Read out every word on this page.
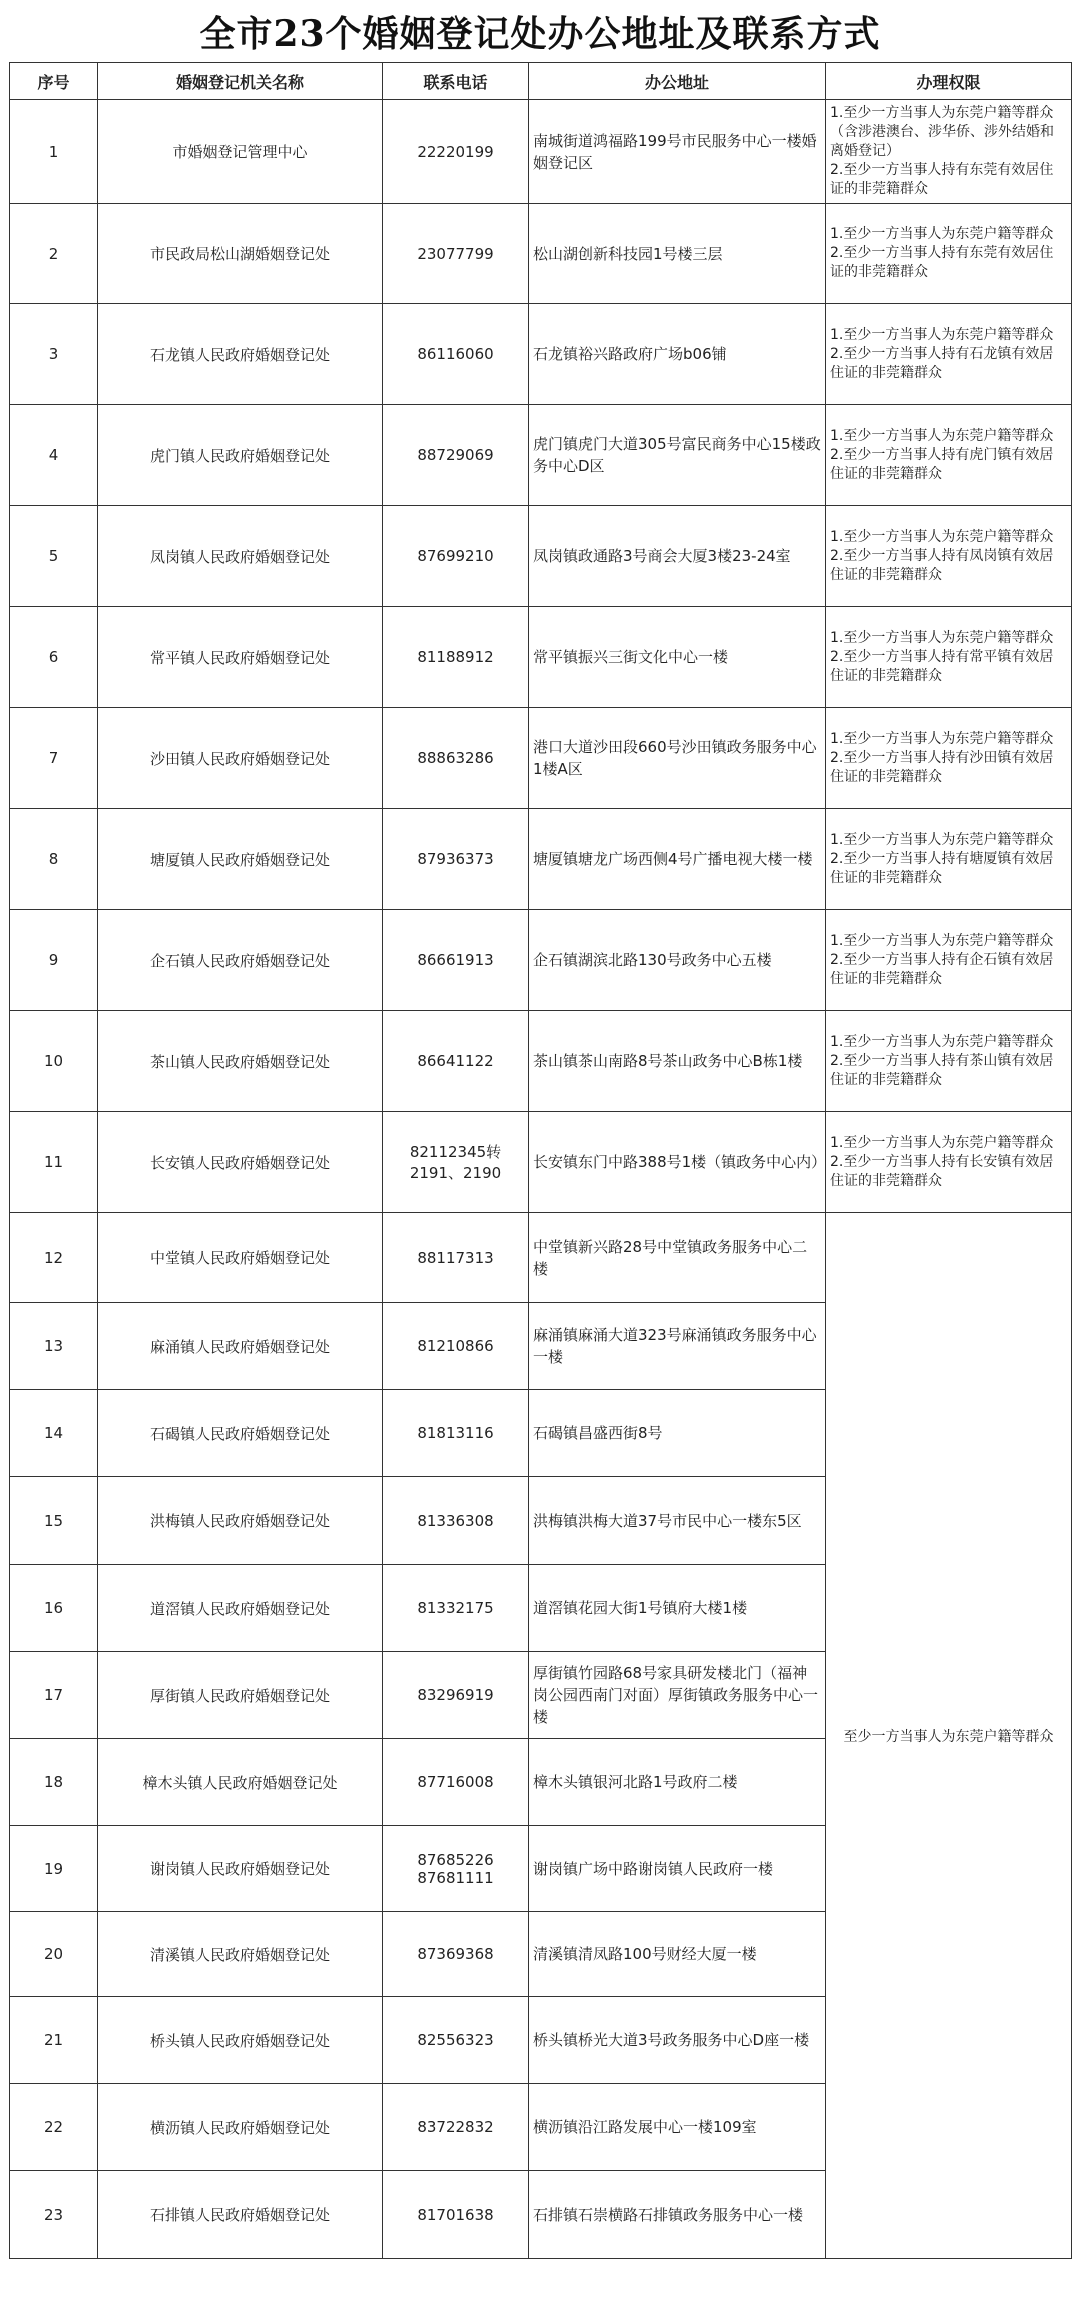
全市23个婚姻登记处办公地址及联系方式
序号	婚姻登记机关名称	联系电话	办公地址	办理权限
1	市婚姻登记管理中心	22220199	南城街道鸿福路199号市民服务中心一楼婚姻登记区	1.至少一方当事人为东莞户籍等群众（含涉港澳台、涉华侨、涉外结婚和离婚登记）
2.至少一方当事人持有东莞有效居住证的非莞籍群众

2	市民政局松山湖婚姻登记处	23077799	松山湖创新科技园1号楼三层	1.至少一方当事人为东莞户籍等群众
2.至少一方当事人持有东莞有效居住证的非莞籍群众

3	石龙镇人民政府婚姻登记处	86116060	石龙镇裕兴路政府广场b06铺	1.至少一方当事人为东莞户籍等群众
2.至少一方当事人持有石龙镇有效居住证的非莞籍群众

4	虎门镇人民政府婚姻登记处	88729069	虎门镇虎门大道305号富民商务中心15楼政务中心D区	1.至少一方当事人为东莞户籍等群众
2.至少一方当事人持有虎门镇有效居住证的非莞籍群众

5	凤岗镇人民政府婚姻登记处	87699210	凤岗镇政通路3号商会大厦3楼23-24室	1.至少一方当事人为东莞户籍等群众
2.至少一方当事人持有凤岗镇有效居住证的非莞籍群众

6	常平镇人民政府婚姻登记处	81188912	常平镇振兴三街文化中心一楼	1.至少一方当事人为东莞户籍等群众
2.至少一方当事人持有常平镇有效居住证的非莞籍群众

7	沙田镇人民政府婚姻登记处	88863286	港口大道沙田段660号沙田镇政务服务中心1楼A区	1.至少一方当事人为东莞户籍等群众
2.至少一方当事人持有沙田镇有效居住证的非莞籍群众

8	塘厦镇人民政府婚姻登记处	87936373	塘厦镇塘龙广场西侧4号广播电视大楼一楼	1.至少一方当事人为东莞户籍等群众
2.至少一方当事人持有塘厦镇有效居住证的非莞籍群众

9	企石镇人民政府婚姻登记处	86661913	企石镇湖滨北路130号政务中心五楼	1.至少一方当事人为东莞户籍等群众
2.至少一方当事人持有企石镇有效居住证的非莞籍群众

10	茶山镇人民政府婚姻登记处	86641122	茶山镇茶山南路8号茶山政务中心B栋1楼	1.至少一方当事人为东莞户籍等群众
2.至少一方当事人持有茶山镇有效居住证的非莞籍群众

11	长安镇人民政府婚姻登记处	82112345转 2191、2190	长安镇东门中路388号1楼（镇政务中心内）	1.至少一方当事人为东莞户籍等群众
2.至少一方当事人持有长安镇有效居住证的非莞籍群众

12	中堂镇人民政府婚姻登记处	88117313	中堂镇新兴路28号中堂镇政务服务中心二楼	至少一方当事人为东莞户籍等群众
13	麻涌镇人民政府婚姻登记处	81210866	麻涌镇麻涌大道323号麻涌镇政务服务中心一楼	
14	石碣镇人民政府婚姻登记处	81813116	石碣镇昌盛西街8号	
15	洪梅镇人民政府婚姻登记处	81336308	洪梅镇洪梅大道37号市民中心一楼东5区	
16	道滘镇人民政府婚姻登记处	81332175	道滘镇花园大街1号镇府大楼1楼	
17	厚街镇人民政府婚姻登记处	83296919	厚街镇竹园路68号家具研发楼北门（福神岗公园西南门对面）厚街镇政务服务中心一楼	
18	樟木头镇人民政府婚姻登记处	87716008	樟木头镇银河北路1号政府二楼	
19	谢岗镇人民政府婚姻登记处	87685226 87681111	谢岗镇广场中路谢岗镇人民政府一楼	
20	清溪镇人民政府婚姻登记处	87369368	清溪镇清凤路100号财经大厦一楼	
21	桥头镇人民政府婚姻登记处	82556323	桥头镇桥光大道3号政务服务中心D座一楼	
22	横沥镇人民政府婚姻登记处	83722832	横沥镇沿江路发展中心一楼109室	
23	石排镇人民政府婚姻登记处	81701638	石排镇石崇横路石排镇政务服务中心一楼	
